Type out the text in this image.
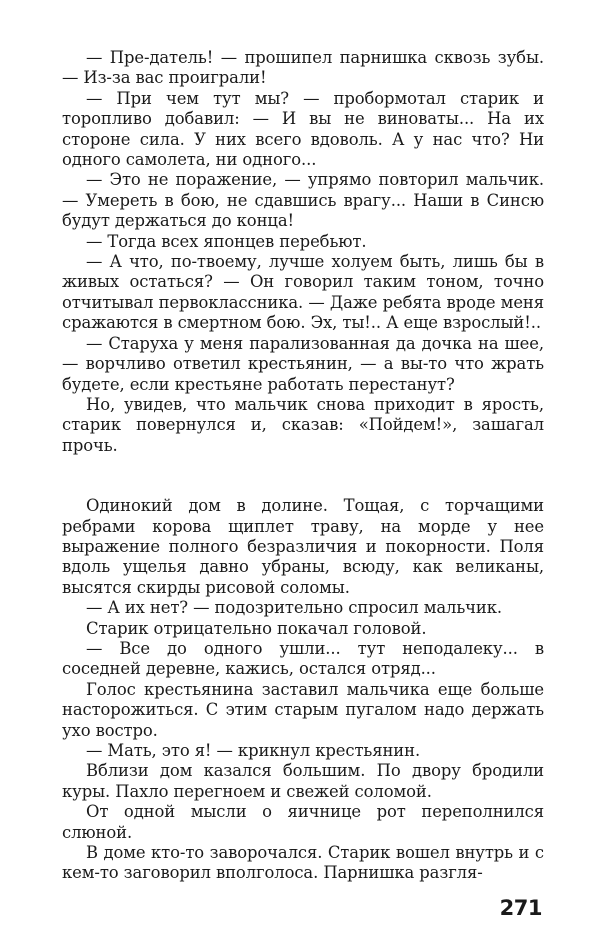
— Пре-датель! — прошипел парнишка сквозь зубы. — Из-за вас проиграли!

— При чем тут мы? — пробормотал старик и торопливо добавил: — И вы не виноваты... На их стороне сила. У них всего вдоволь. А у нас что? Ни одного самолета, ни одного...

— Это не поражение, — упрямо повторил мальчик. — Умереть в бою, не сдавшись врагу... Наши в Синсю будут держаться до конца!

— Тогда всех японцев перебьют.

— А что, по-твоему, лучше холуем быть, лишь бы в живых остаться? — Он говорил таким тоном, точно отчитывал первоклассника. — Даже ребята вроде меня сражаются в смертном бою. Эх, ты!.. А еще взрослый!..

— Старуха у меня парализованная да дочка на шее, — ворчливо ответил крестьянин, — а вы-то что жрать будете, если крестьяне работать перестанут?

Но, увидев, что мальчик снова приходит в ярость, старик повернулся и, сказав: «Пойдем!», зашагал прочь.

Одинокий дом в долине. Тощая, с торчащими ребрами корова щиплет траву, на морде у нее выражение полного безразличия и покорности. Поля вдоль ущелья давно убраны, всюду, как великаны, высятся скирды рисовой соломы.

— А их нет? — подозрительно спросил мальчик.

Старик отрицательно покачал головой.

— Все до одного ушли... тут неподалеку... в соседней деревне, кажись, остался отряд...

Голос крестьянина заставил мальчика еще больше насторожиться. С этим старым пугалом надо держать ухо востро.

— Мать, это я! — крикнул крестьянин.

Вблизи дом казался большим. По двору бродили куры. Пахло перегноем и свежей соломой.

От одной мысли о яичнице рот переполнился слюной.

В доме кто-то заворочался. Старик вошел внутрь и с кем-то заговорил вполголоса. Парнишка разгля-

271
